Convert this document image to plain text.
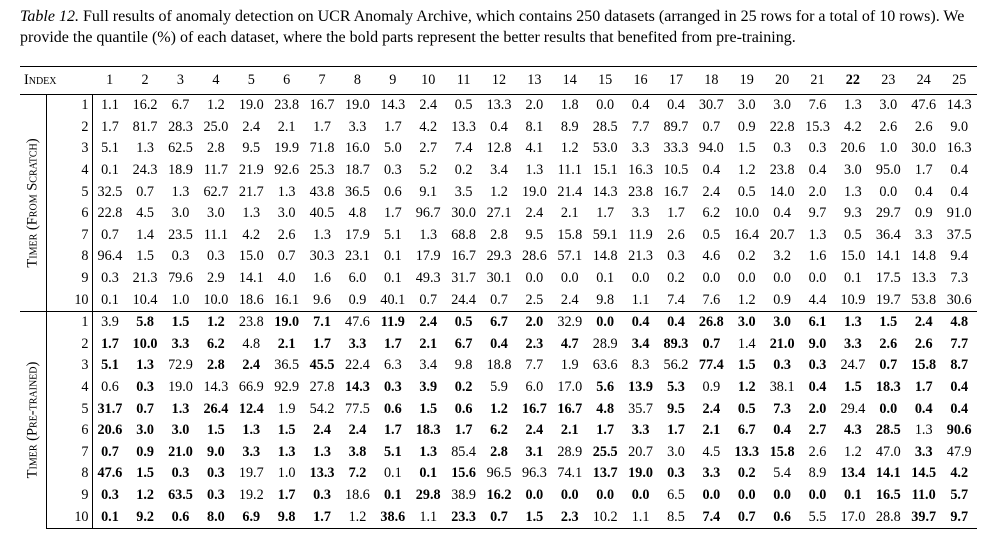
Table 12. Full results of anomaly detection on UCR Anomaly Archive, which contains 250 datasets (arranged in 25 rows for a total of 10 rows). We provide the quantile (%) of each dataset, where the bold parts represent the better results that benefited from pre-training.
Index		1	2	3	4	5	6	7	8	9	10	11	12	13	14	15	16	17	18	19	20	21	22	23	24	25

Timer (From Scratch)	1	1.1	16.2	6.7	1.2	19.0	23.8	16.7	19.0	14.3	2.4	0.5	13.3	2.0	1.8	0.0	0.4	0.4	30.7	3.0	3.0	7.6	1.3	3.0	47.6	14.3
	2	1.7	81.7	28.3	25.0	2.4	2.1	1.7	3.3	1.7	4.2	13.3	0.4	8.1	8.9	28.5	7.7	89.7	0.7	0.9	22.8	15.3	4.2	2.6	2.6	9.0
	3	5.1	1.3	62.5	2.8	9.5	19.9	71.8	16.0	5.0	2.7	7.4	12.8	4.1	1.2	53.0	3.3	33.3	94.0	1.5	0.3	0.3	20.6	1.0	30.0	16.3
	4	0.1	24.3	18.9	11.7	21.9	92.6	25.3	18.7	0.3	5.2	0.2	3.4	1.3	11.1	15.1	16.3	10.5	0.4	1.2	23.8	0.4	3.0	95.0	1.7	0.4
	5	32.5	0.7	1.3	62.7	21.7	1.3	43.8	36.5	0.6	9.1	3.5	1.2	19.0	21.4	14.3	23.8	16.7	2.4	0.5	14.0	2.0	1.3	0.0	0.4	0.4
	6	22.8	4.5	3.0	3.0	1.3	3.0	40.5	4.8	1.7	96.7	30.0	27.1	2.4	2.1	1.7	3.3	1.7	6.2	10.0	0.4	9.7	9.3	29.7	0.9	91.0
	7	0.7	1.4	23.5	11.1	4.2	2.6	1.3	17.9	5.1	1.3	68.8	2.8	9.5	15.8	59.1	11.9	2.6	0.5	16.4	20.7	1.3	0.5	36.4	3.3	37.5
	8	96.4	1.5	0.3	0.3	15.0	0.7	30.3	23.1	0.1	17.9	16.7	29.3	28.6	57.1	14.8	21.3	0.3	4.6	0.2	3.2	1.6	15.0	14.1	14.8	9.4
	9	0.3	21.3	79.6	2.9	14.1	4.0	1.6	6.0	0.1	49.3	31.7	30.1	0.0	0.0	0.1	0.0	0.2	0.0	0.0	0.0	0.0	0.1	17.5	13.3	7.3
	10	0.1	10.4	1.0	10.0	18.6	16.1	9.6	0.9	40.1	0.7	24.4	0.7	2.5	2.4	9.8	1.1	7.4	7.6	1.2	0.9	4.4	10.9	19.7	53.8	30.6

Timer (Pre-trained)	1	3.9	5.8	1.5	1.2	23.8	19.0	7.1	47.6	11.9	2.4	0.5	6.7	2.0	32.9	0.0	0.4	0.4	26.8	3.0	3.0	6.1	1.3	1.5	2.4	4.8
	2	1.7	10.0	3.3	6.2	4.8	2.1	1.7	3.3	1.7	2.1	6.7	0.4	2.3	4.7	28.9	3.4	89.3	0.7	1.4	21.0	9.0	3.3	2.6	2.6	7.7
	3	5.1	1.3	72.9	2.8	2.4	36.5	45.5	22.4	6.3	3.4	9.8	18.8	7.7	1.9	63.6	8.3	56.2	77.4	1.5	0.3	0.3	24.7	0.7	15.8	8.7
	4	0.6	0.3	19.0	14.3	66.9	92.9	27.8	14.3	0.3	3.9	0.2	5.9	6.0	17.0	5.6	13.9	5.3	0.9	1.2	38.1	0.4	1.5	18.3	1.7	0.4
	5	31.7	0.7	1.3	26.4	12.4	1.9	54.2	77.5	0.6	1.5	0.6	1.2	16.7	16.7	4.8	35.7	9.5	2.4	0.5	7.3	2.0	29.4	0.0	0.4	0.4
	6	20.6	3.0	3.0	1.5	1.3	1.5	2.4	2.4	1.7	18.3	1.7	6.2	2.4	2.1	1.7	3.3	1.7	2.1	6.7	0.4	2.7	4.3	28.5	1.3	90.6
	7	0.7	0.9	21.0	9.0	3.3	1.3	1.3	3.8	5.1	1.3	85.4	2.8	3.1	28.9	25.5	20.7	3.0	4.5	13.3	15.8	2.6	1.2	47.0	3.3	47.9
	8	47.6	1.5	0.3	0.3	19.7	1.0	13.3	7.2	0.1	0.1	15.6	96.5	96.3	74.1	13.7	19.0	0.3	3.3	0.2	5.4	8.9	13.4	14.1	14.5	4.2
	9	0.3	1.2	63.5	0.3	19.2	1.7	0.3	18.6	0.1	29.8	38.9	16.2	0.0	0.0	0.0	0.0	6.5	0.0	0.0	0.0	0.0	0.1	16.5	11.0	5.7
	10	0.1	9.2	0.6	8.0	6.9	9.8	1.7	1.2	38.6	1.1	23.3	0.7	1.5	2.3	10.2	1.1	8.5	7.4	0.7	0.6	5.5	17.0	28.8	39.7	9.7
